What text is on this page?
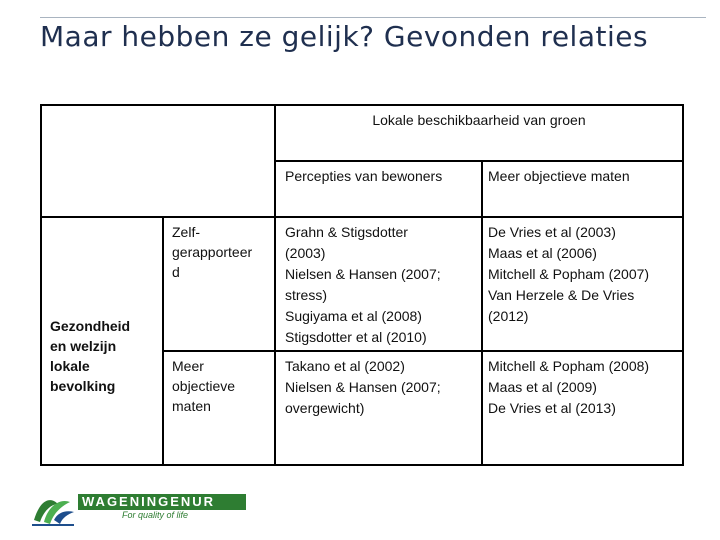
Maar hebben ze gelijk? Gevonden relaties
Lokale beschikbaarheid van groen
Percepties van bewoners	Meer objectieve maten
Gezondheid
en welzijn
lokale
bevolking
Zelf-
gerapporteer
d
Grahn & Stigsdotter
(2003)
Nielsen & Hansen (2007;
stress)
Sugiyama et al (2008)
Stigsdotter et al (2010)
De Vries et al (2003)
Maas et al (2006)
Mitchell & Popham (2007)
Van Herzele & De Vries
(2012)
Meer
objectieve
maten
Takano et al (2002)
Nielsen & Hansen (2007;
overgewicht)
Mitchell & Popham (2008)
Maas et al (2009)
De Vries et al (2013)
WAGENINGENUR
For quality of life
